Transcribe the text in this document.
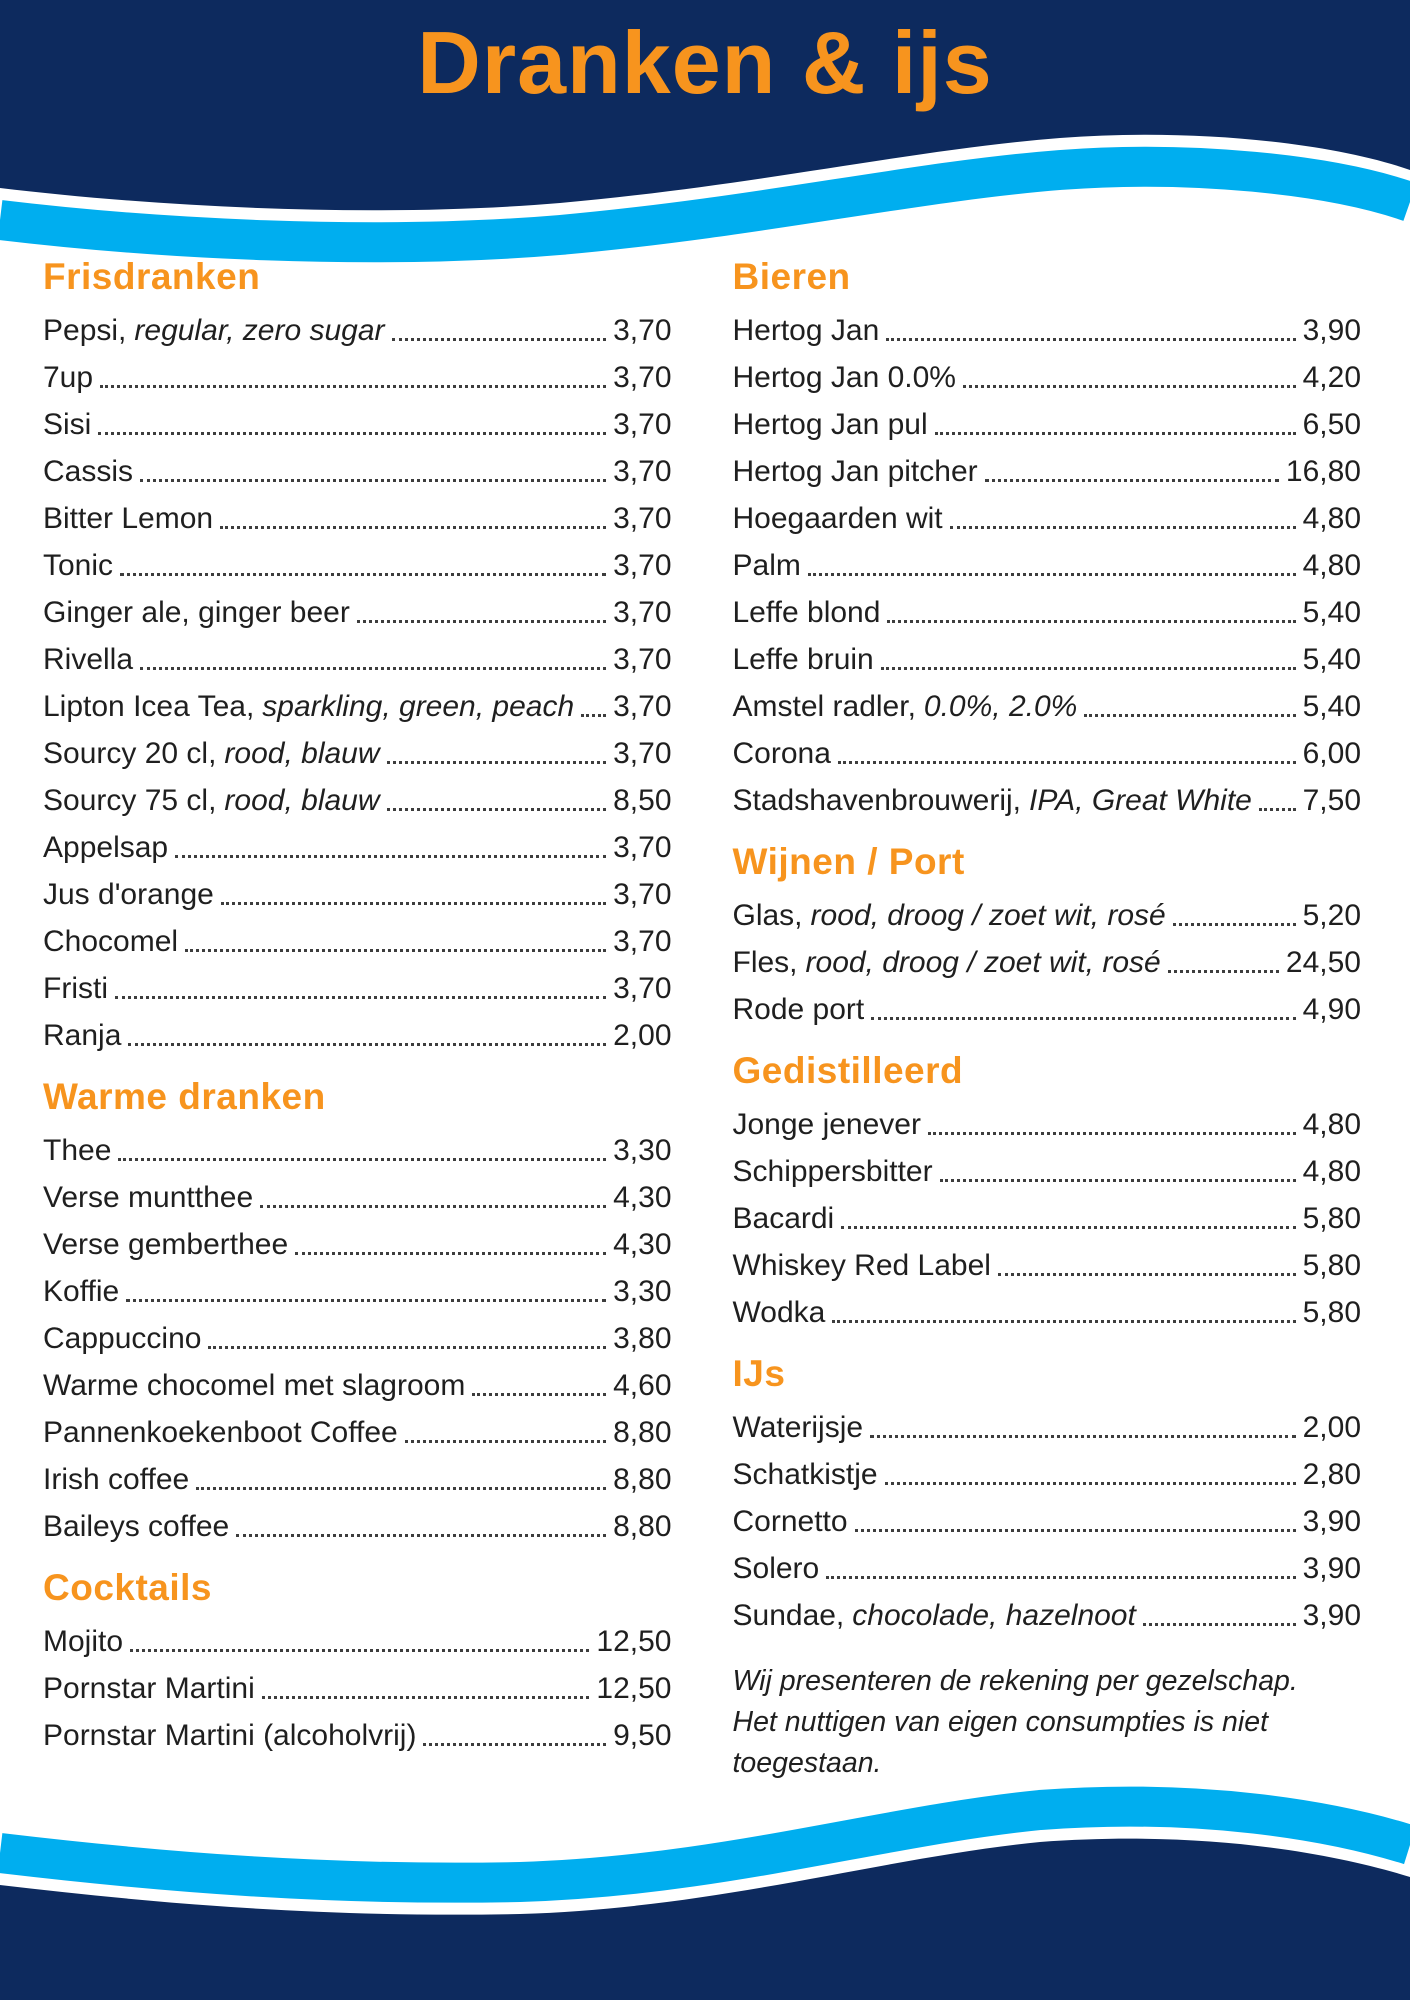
Dranken & ijs
Frisdranken
Pepsi, regular, zero sugar	3,70
7up	3,70
Sisi	3,70
Cassis	3,70
Bitter Lemon	3,70
Tonic	3,70
Ginger ale, ginger beer	3,70
Rivella	3,70
Lipton Icea Tea, sparkling, green, peach 3,70
Sourcy 20 cl, rood, blauw	3,70
Sourcy 75 cl, rood, blauw	8,50
Appelsap	3,70
Jus d'orange	3,70
Chocomel	3,70
Fristi	3,70
Ranja	2,00
Warme dranken
Thee	3,30
Verse muntthee	4,30
Verse gemberthee	4,30
Koffie	3,30
Cappuccino	3,80
Warme chocomel met slagroom	4,60
Pannenkoekenboot Coffee	8,80
Irish coffee	8,80
Baileys coffee	8,80
Cocktails
Mojito	12,50
Pornstar Martini	12,50
Pornstar Martini (alcoholvrij)	9,50
Bieren
Hertog Jan	3,90
Hertog Jan 0.0%	4,20
Hertog Jan pul	6,50
Hertog Jan pitcher	16,80
Hoegaarden wit	4,80
Palm	4,80
Leffe blond	5,40
Leffe bruin	5,40
Amstel radler, 0.0%, 2.0%	5,40
Corona	6,00
Stadshavenbrouwerij, IPA, Great White 7,50
Wijnen / Port
Glas, rood, droog / zoet wit, rosé	5,20
Fles, rood, droog / zoet wit, rosé	24,50
Rode port	4,90
Gedistilleerd
Jonge jenever	4,80
Schippersbitter	4,80
Bacardi	5,80
Whiskey Red Label	5,80
Wodka	5,80
IJs
Waterijsje	2,00
Schatkistje	2,80
Cornetto	3,90
Solero	3,90
Sundae, chocolade, hazelnoot	3,90

Wij presenteren de rekening per gezelschap.

Het nuttigen van eigen consumpties is niet toegestaan.
